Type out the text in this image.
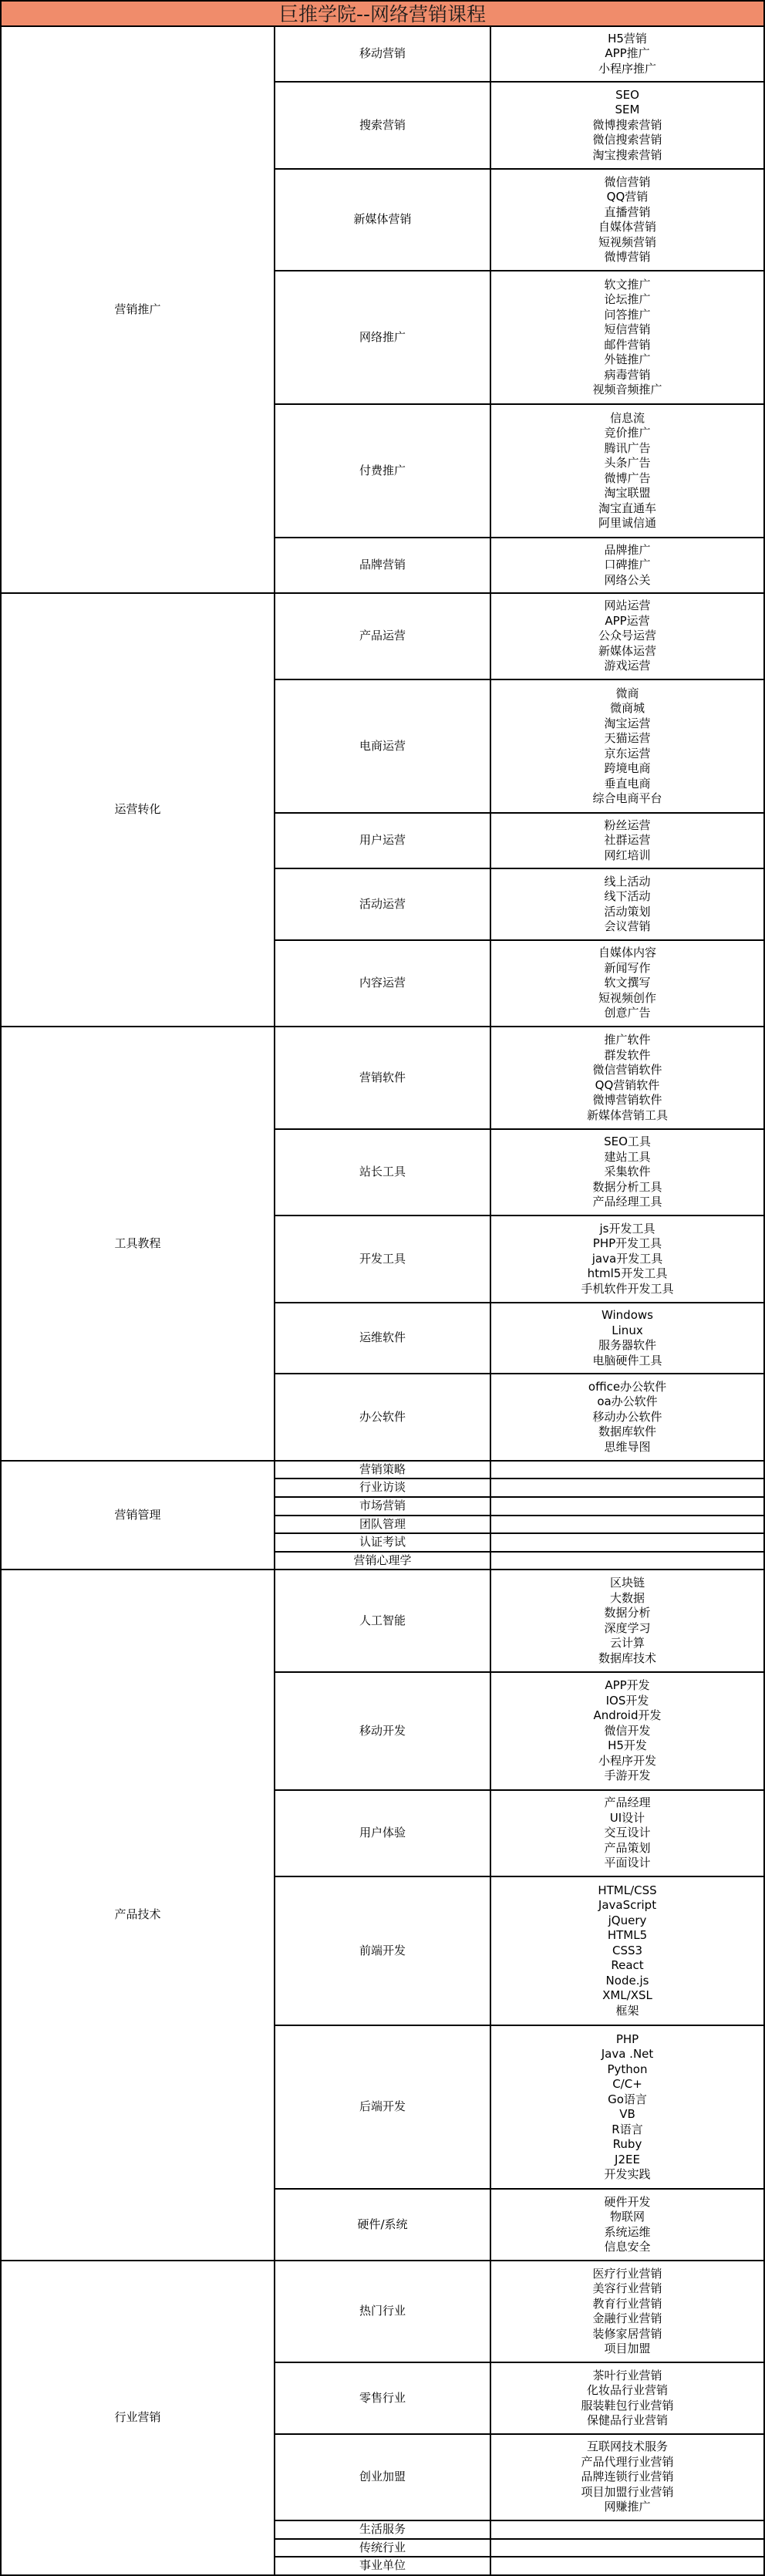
巨推学院--网络营销课程
营销推广
移动营销
H5营销
APP推广
小程序推广
搜索营销
SEO
SEM
微博搜索营销
微信搜索营销
淘宝搜索营销
新媒体营销
微信营销
QQ营销
直播营销
自媒体营销
短视频营销
微博营销
网络推广
软文推广
论坛推广
问答推广
短信营销
邮件营销
外链推广
病毒营销
视频音频推广
付费推广
信息流
竞价推广
腾讯广告
头条广告
微博广告
淘宝联盟
淘宝直通车
阿里诚信通
品牌营销
品牌推广
口碑推广
网络公关
运营转化
产品运营
网站运营
APP运营
公众号运营
新媒体运营
游戏运营
电商运营
微商
微商城
淘宝运营
天猫运营
京东运营
跨境电商
垂直电商
综合电商平台
用户运营
粉丝运营
社群运营
网红培训
活动运营
线上活动
线下活动
活动策划
会议营销
内容运营
自媒体内容
新闻写作
软文撰写
短视频创作
创意广告
工具教程
营销软件
推广软件
群发软件
微信营销软件
QQ营销软件
微博营销软件
新媒体营销工具
站长工具
SEO工具
建站工具
采集软件
数据分析工具
产品经理工具
开发工具
js开发工具
PHP开发工具
java开发工具
html5开发工具
手机软件开发工具
运维软件
Windows
Linux
服务器软件
电脑硬件工具
办公软件
office办公软件
oa办公软件
移动办公软件
数据库软件
思维导图
营销管理
营销策略
行业访谈
市场营销
团队管理
认证考试
营销心理学
产品技术
人工智能
区块链
大数据
数据分析
深度学习
云计算
数据库技术
移动开发
APP开发
IOS开发
Android开发
微信开发
H5开发
小程序开发
手游开发
用户体验
产品经理
UI设计
交互设计
产品策划
平面设计
前端开发
HTML/CSS
JavaScript
jQuery
HTML5
CSS3
React
Node.js
XML/XSL
框架
后端开发
PHP
Java .Net
Python
C/C+
Go语言
VB
R语言
Ruby
J2EE
开发实践
硬件/系统
硬件开发
物联网
系统运维
信息安全
行业营销
热门行业
医疗行业营销
美容行业营销
教育行业营销
金融行业营销
装修家居营销
项目加盟
零售行业
茶叶行业营销
化妆品行业营销
服装鞋包行业营销
保健品行业营销
创业加盟
互联网技术服务
产品代理行业营销
品牌连锁行业营销
项目加盟行业营销
网赚推广
生活服务
传统行业
事业单位
